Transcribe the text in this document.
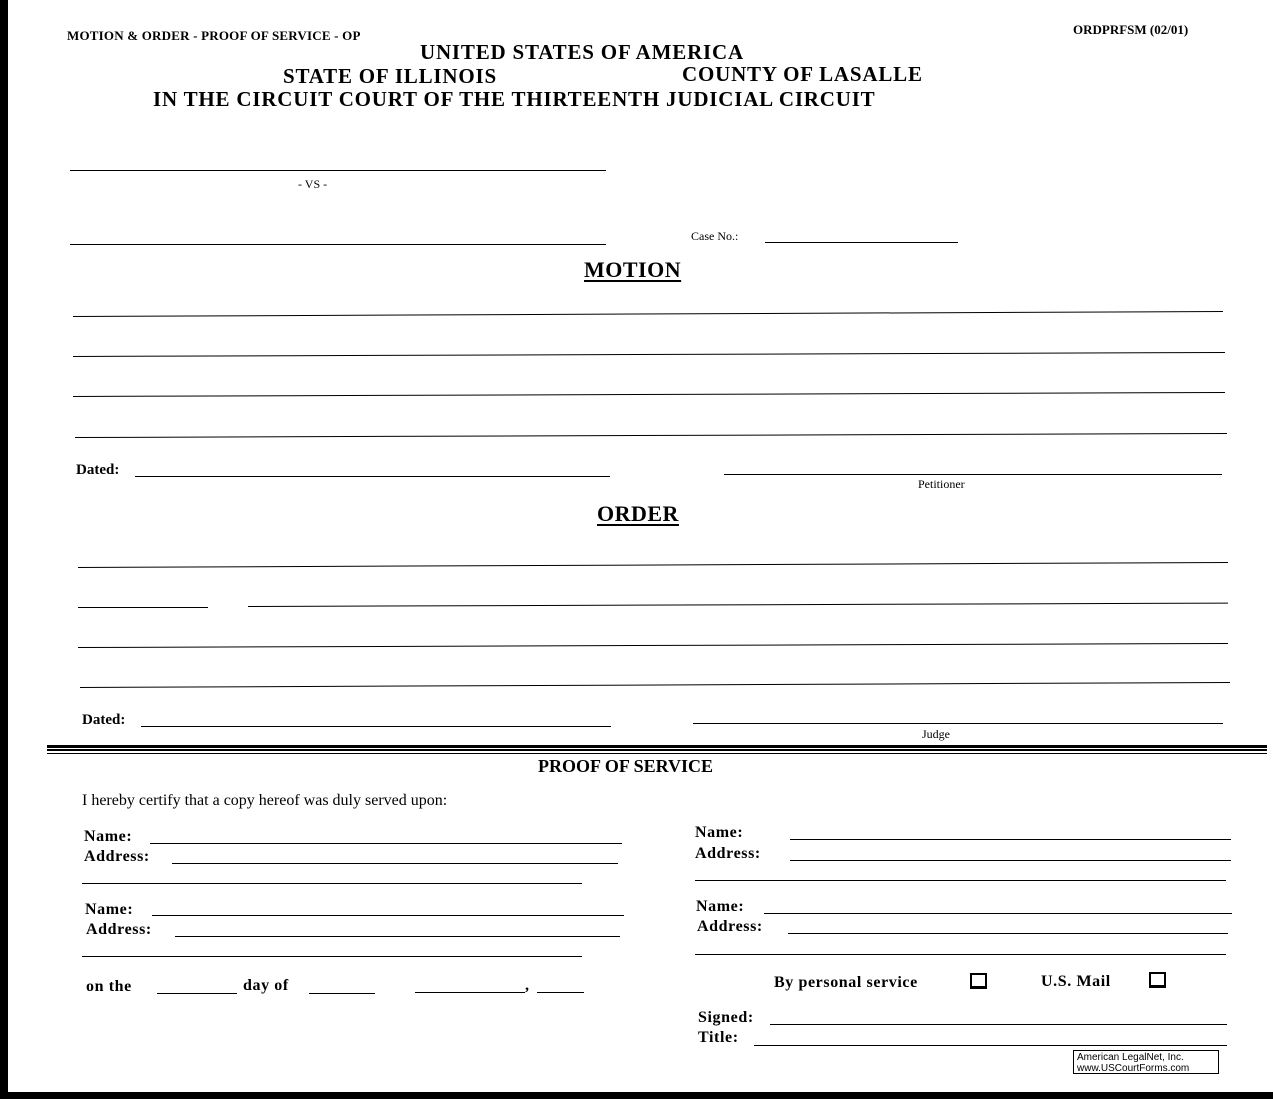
MOTION & ORDER - PROOF OF SERVICE - OP	ORDPRFSM (02/01)
UNITED STATES OF AMERICA
STATE OF ILLINOIS	COUNTY OF LASALLE
IN THE CIRCUIT COURT OF THE THIRTEENTH JUDICIAL CIRCUIT
- VS -
Case No.:
MOTION
Dated:
Petitioner
ORDER
Dated:
Judge
PROOF OF SERVICE
I hereby certify that a copy hereof was duly served upon:
Name:
Address:
Name:
Address:
on the	day of	,
Name:
Address:
Name:
Address:
By personal service	U.S. Mail
Signed:
Title:
American LegalNet, Inc.
www.USCourtForms.com
